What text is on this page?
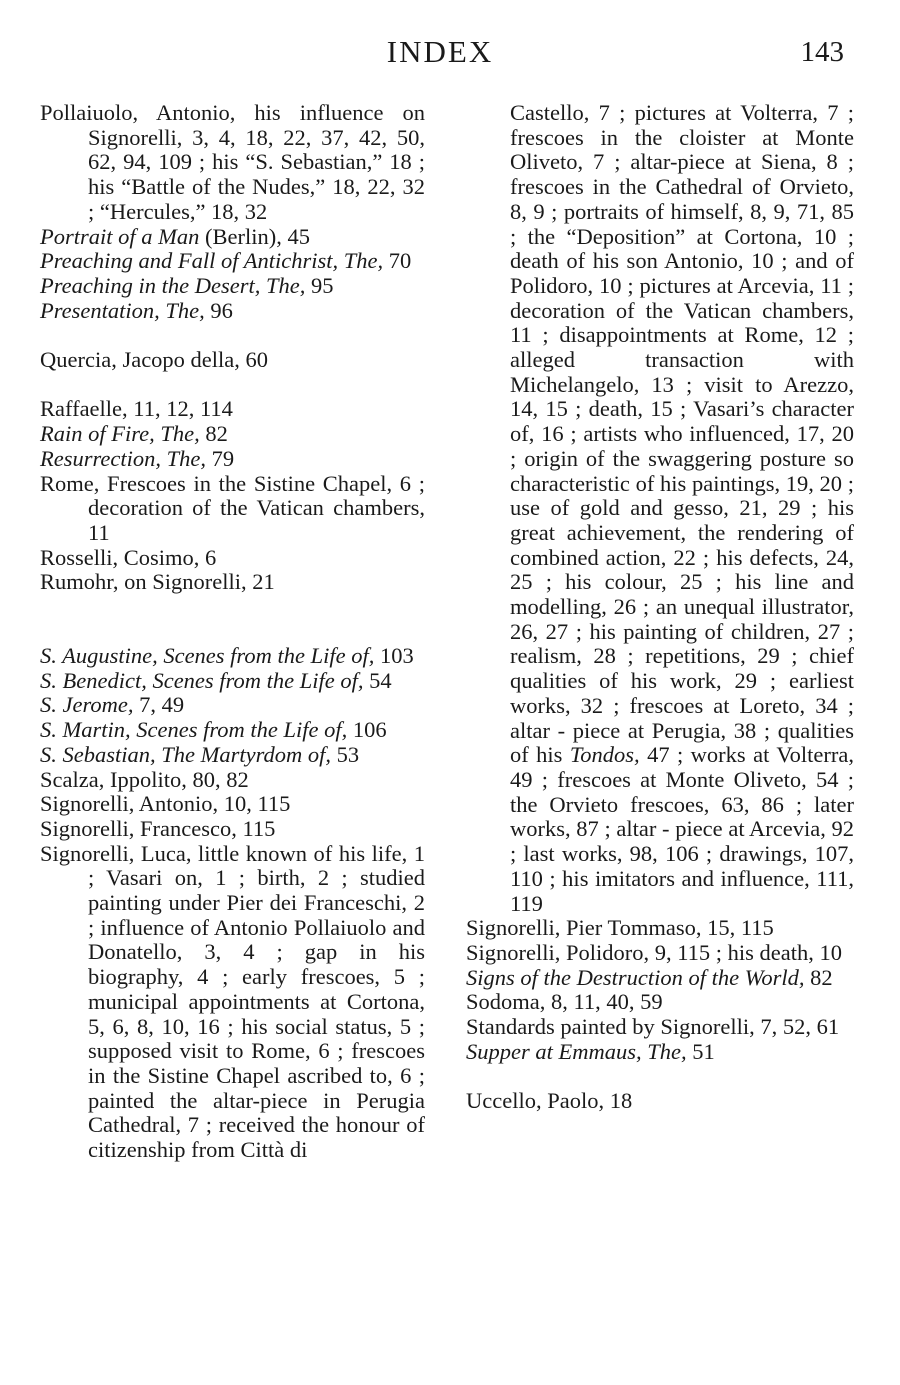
INDEX	143
Pollaiuolo, Antonio, his influence on Signorelli, 3, 4, 18, 22, 37, 42, 50, 62, 94, 109 ; his “S. Sebastian,” 18 ; his “Battle of the Nudes,” 18, 22, 32 ; “Hercules,” 18, 32
Portrait of a Man (Berlin), 45
Preaching and Fall of Antichrist, The, 70
Preaching in the Desert, The, 95
Presentation, The, 96
Quercia, Jacopo della, 60
Raffaelle, 11, 12, 114
Rain of Fire, The, 82
Resurrection, The, 79
Rome, Frescoes in the Sistine Chapel, 6 ; decoration of the Vatican chambers, 11
Rosselli, Cosimo, 6
Rumohr, on Signorelli, 21
S. Augustine, Scenes from the Life of, 103
S. Benedict, Scenes from the Life of, 54
S. Jerome, 7, 49
S. Martin, Scenes from the Life of, 106
S. Sebastian, The Martyrdom of, 53
Scalza, Ippolito, 80, 82
Signorelli, Antonio, 10, 115
Signorelli, Francesco, 115
Signorelli, Luca, little known of his life, 1 ; Vasari on, 1 ; birth, 2 ; studied painting under Pier dei Franceschi, 2 ; influence of Antonio Pollaiuolo and Donatello, 3, 4 ; gap in his biography, 4 ; early frescoes, 5 ; municipal appointments at Cortona, 5, 6, 8, 10, 16 ; his social status, 5 ; supposed visit to Rome, 6 ; frescoes in the Sistine Chapel ascribed to, 6 ; painted the altar-piece in Perugia Cathedral, 7 ; received the honour of citizenship from Città di
Castello, 7 ; pictures at Volterra, 7 ; frescoes in the cloister at Monte Oliveto, 7 ; altar-piece at Siena, 8 ; frescoes in the Cathedral of Orvieto, 8, 9 ; portraits of himself, 8, 9, 71, 85 ; the “Deposition” at Cortona, 10 ; death of his son Antonio, 10 ; and of Polidoro, 10 ; pictures at Arcevia, 11 ; decoration of the Vatican chambers, 11 ; disappointments at Rome, 12 ; alleged transaction with Michelangelo, 13 ; visit to Arezzo, 14, 15 ; death, 15 ; Vasari’s character of, 16 ; artists who influenced, 17, 20 ; origin of the swaggering posture so characteristic of his paintings, 19, 20 ; use of gold and gesso, 21, 29 ; his great achievement, the rendering of combined action, 22 ; his defects, 24, 25 ; his colour, 25 ; his line and modelling, 26 ; an unequal illustrator, 26, 27 ; his painting of children, 27 ; realism, 28 ; repetitions, 29 ; chief qualities of his work, 29 ; earliest works, 32 ; frescoes at Loreto, 34 ; altar - piece at Perugia, 38 ; qualities of his Tondos, 47 ; works at Volterra, 49 ; frescoes at Monte Oliveto, 54 ; the Orvieto frescoes, 63, 86 ; later works, 87 ; altar - piece at Arcevia, 92 ; last works, 98, 106 ; drawings, 107, 110 ; his imitators and influence, 111, 119
Signorelli, Pier Tommaso, 15, 115
Signorelli, Polidoro, 9, 115 ; his death, 10
Signs of the Destruction of the World, 82
Sodoma, 8, 11, 40, 59
Standards painted by Signorelli, 7, 52, 61
Supper at Emmaus, The, 51
Uccello, Paolo, 18
